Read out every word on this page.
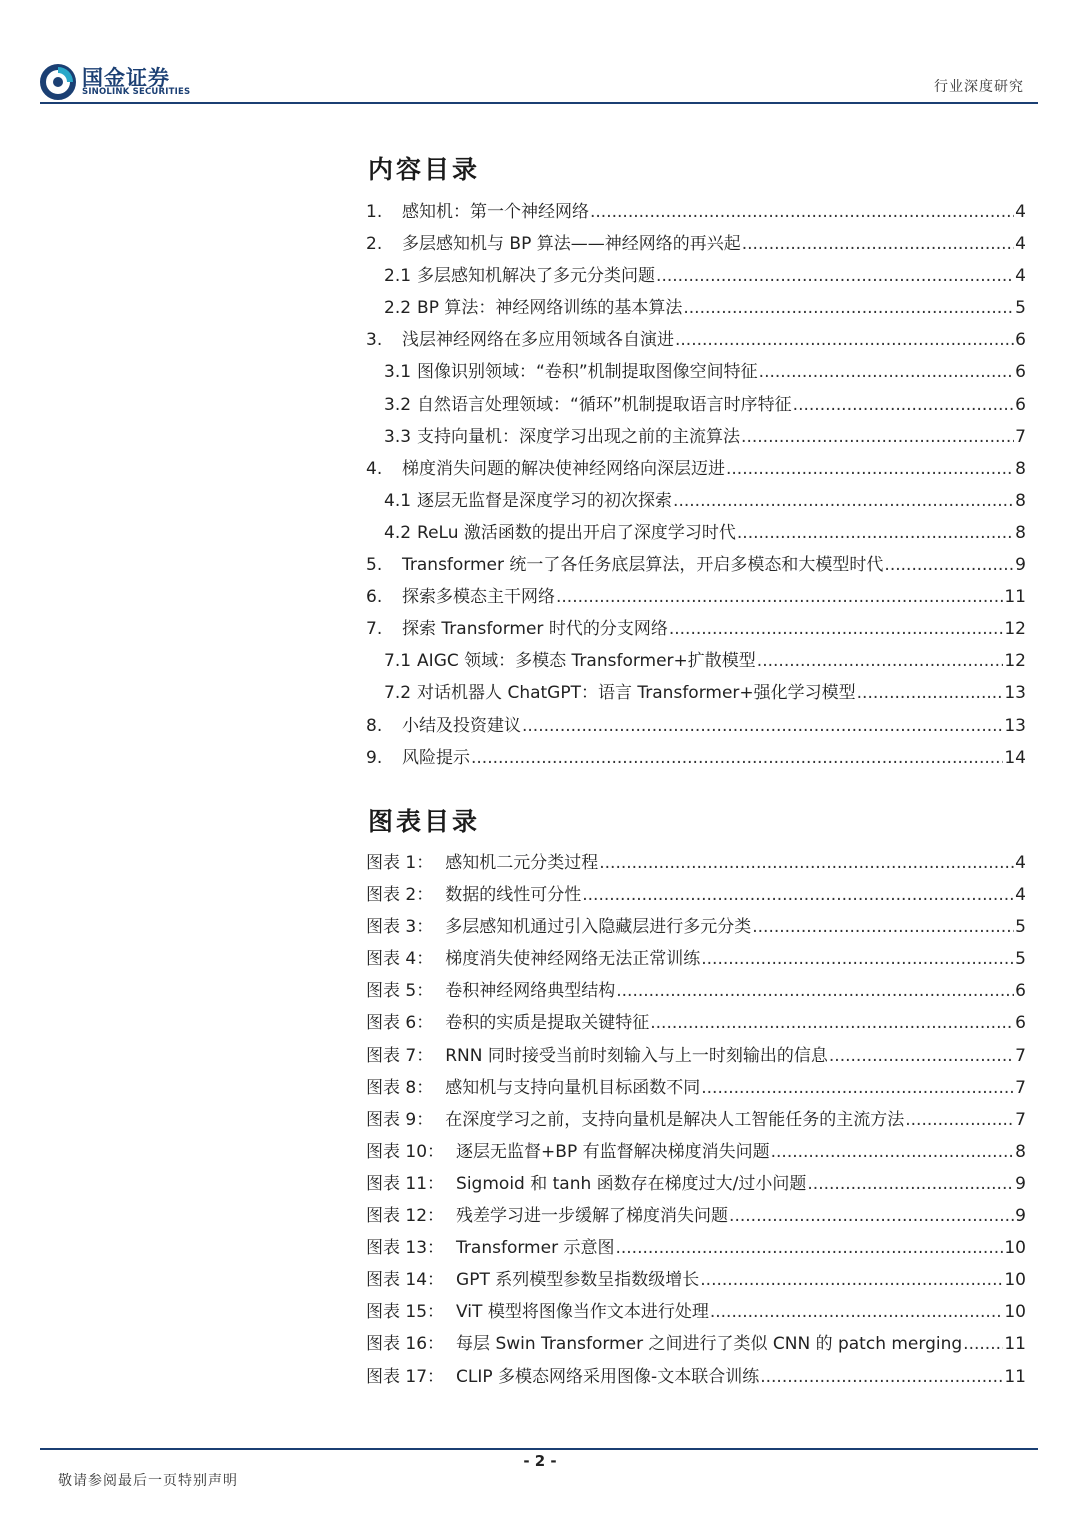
国金证券
SINOLINK SECURITIES	行业深度研究
内容目录
1.	感知机：第一个神经网络 .....	4
2.	多层感知机与 BP 算法——神经网络的再兴起 .....	4
2.1 多层感知机解决了多元分类问题 .....	4
2.2 BP 算法：神经网络训练的基本算法 .....	5
3.	浅层神经网络在多应用领域各自演进 .....	6
3.1 图像识别领域：“卷积”机制提取图像空间特征 .....	6
3.2 自然语言处理领域：“循环”机制提取语言时序特征 .....	6
3.3 支持向量机：深度学习出现之前的主流算法 .....	7
4.	梯度消失问题的解决使神经网络向深层迈进 .....	8
4.1 逐层无监督是深度学习的初次探索 .....	8
4.2 ReLu 激活函数的提出开启了深度学习时代 .....	8
5.	Transformer 统一了各任务底层算法，开启多模态和大模型时代 .....	9
6.	探索多模态主干网络 .....	11
7.	探索 Transformer 时代的分支网络 .....	12
7.1 AIGC 领域：多模态 Transformer+扩散模型 .....	12
7.2 对话机器人 ChatGPT：语言 Transformer+强化学习模型 .....	13
8.	小结及投资建议 .....	13
9.	风险提示 .....	14
图表目录
图表 1： 感知机二元分类过程 .....	4
图表 2： 数据的线性可分性 .....	4
图表 3： 多层感知机通过引入隐藏层进行多元分类 .....	5
图表 4： 梯度消失使神经网络无法正常训练 .....	5
图表 5： 卷积神经网络典型结构 .....	6
图表 6： 卷积的实质是提取关键特征 .....	6
图表 7： RNN 同时接受当前时刻输入与上一时刻输出的信息 .....	7
图表 8： 感知机与支持向量机目标函数不同 .....	7
图表 9： 在深度学习之前，支持向量机是解决人工智能任务的主流方法 .....	7
图表 10： 逐层无监督+BP 有监督解决梯度消失问题 .....	8
图表 11： Sigmoid 和 tanh 函数存在梯度过大/过小问题 .....	9
图表 12： 残差学习进一步缓解了梯度消失问题 .....	9
图表 13： Transformer 示意图 .....	10
图表 14： GPT 系列模型参数呈指数级增长 .....	10
图表 15： ViT 模型将图像当作文本进行处理 .....	10
图表 16： 每层 Swin Transformer 之间进行了类似 CNN 的 patch merging ..... 11
图表 17： CLIP 多模态网络采用图像-文本联合训练 .....	11
- 2 -
敬请参阅最后一页特别声明
